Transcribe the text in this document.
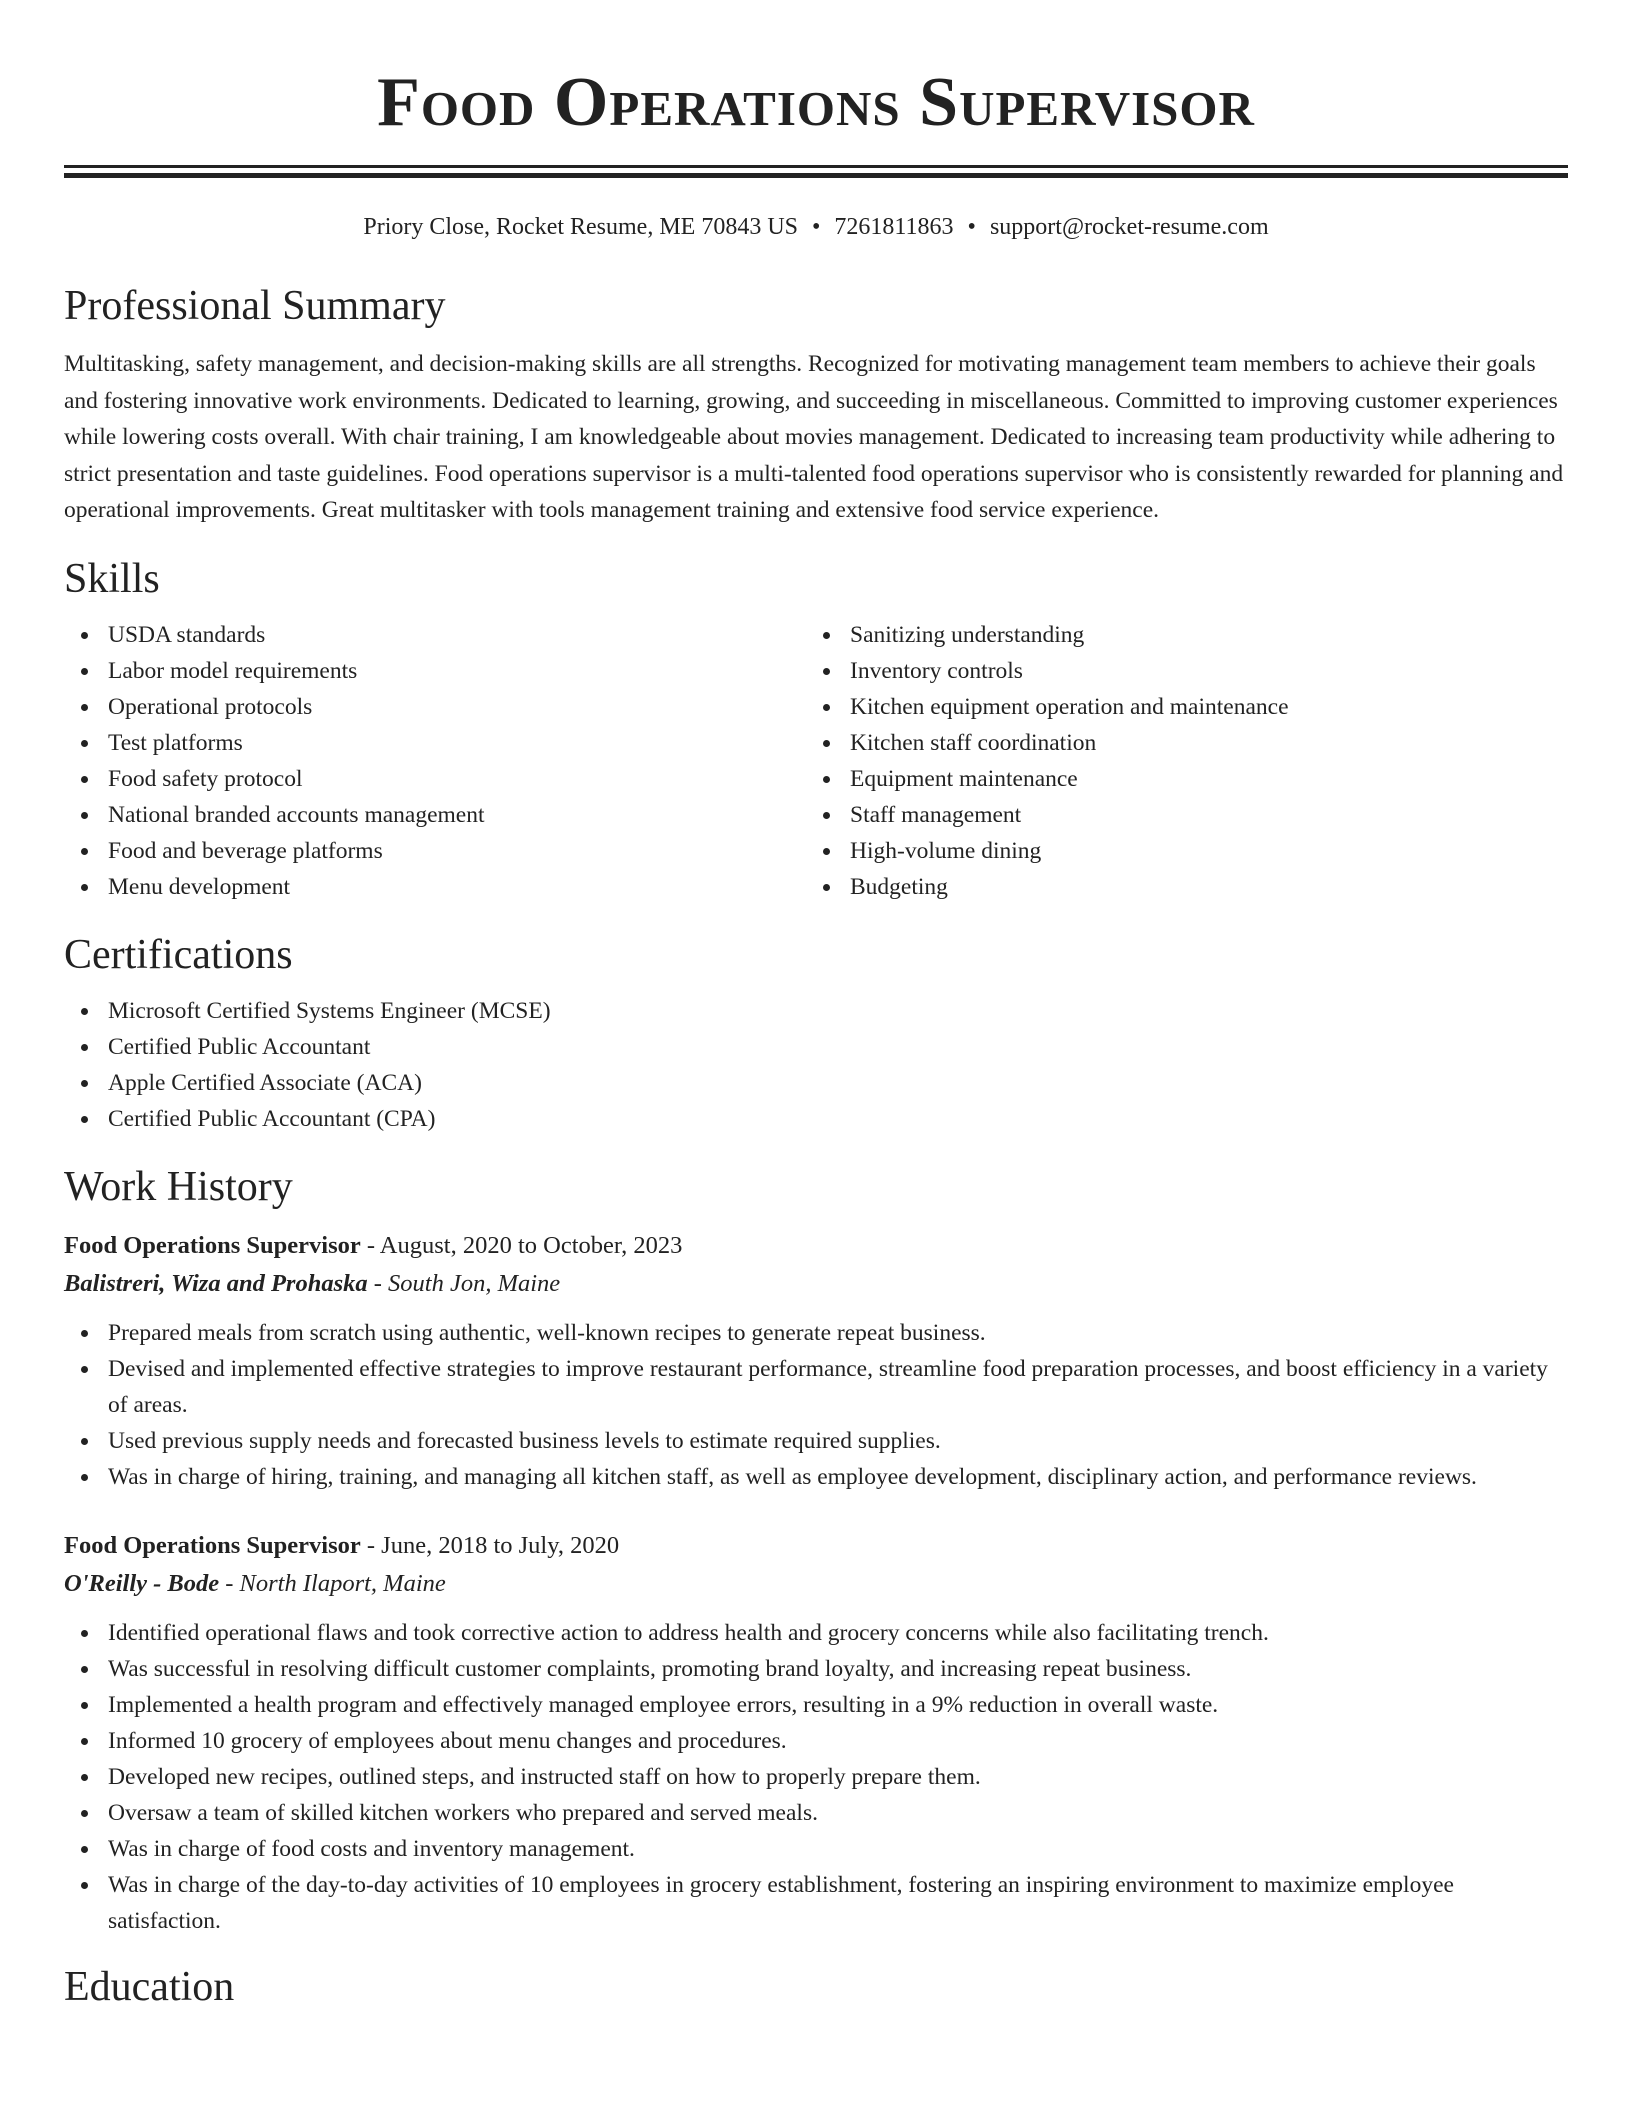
Food Operations Supervisor
Priory Close, Rocket Resume, ME 70843 US • 7261811863 • support@rocket-resume.com
Professional Summary

Multitasking, safety management, and decision-making skills are all strengths. Recognized for motivating management team members to achieve their goals and fostering innovative work environments. Dedicated to learning, growing, and succeeding in miscellaneous. Committed to improving customer experiences while lowering costs overall. With chair training, I am knowledgeable about movies management. Dedicated to increasing team productivity while adhering to strict presentation and taste guidelines. Food operations supervisor is a multi-talented food operations supervisor who is consistently rewarded for planning and operational improvements. Great multitasker with tools management training and extensive food service experience.

Skills
USDA standards
Labor model requirements
Operational protocols
Test platforms
Food safety protocol
National branded accounts management
Food and beverage platforms
Menu development
Sanitizing understanding
Inventory controls
Kitchen equipment operation and maintenance
Kitchen staff coordination
Equipment maintenance
Staff management
High-volume dining
Budgeting
Certifications
Microsoft Certified Systems Engineer (MCSE)
Certified Public Accountant
Apple Certified Associate (ACA)
Certified Public Accountant (CPA)
Work History
Food Operations Supervisor - August, 2020 to October, 2023
Balistreri, Wiza and Prohaska - South Jon, Maine
Prepared meals from scratch using authentic, well-known recipes to generate repeat business.
Devised and implemented effective strategies to improve restaurant performance, streamline food preparation processes, and boost efficiency in a variety of areas.
Used previous supply needs and forecasted business levels to estimate required supplies.
Was in charge of hiring, training, and managing all kitchen staff, as well as employee development, disciplinary action, and performance reviews.
Food Operations Supervisor - June, 2018 to July, 2020
O'Reilly - Bode - North Ilaport, Maine
Identified operational flaws and took corrective action to address health and grocery concerns while also facilitating trench.
Was successful in resolving difficult customer complaints, promoting brand loyalty, and increasing repeat business.
Implemented a health program and effectively managed employee errors, resulting in a 9% reduction in overall waste.
Informed 10 grocery of employees about menu changes and procedures.
Developed new recipes, outlined steps, and instructed staff on how to properly prepare them.
Oversaw a team of skilled kitchen workers who prepared and served meals.
Was in charge of food costs and inventory management.
Was in charge of the day-to-day activities of 10 employees in grocery establishment, fostering an inspiring environment to maximize employee satisfaction.
Education
